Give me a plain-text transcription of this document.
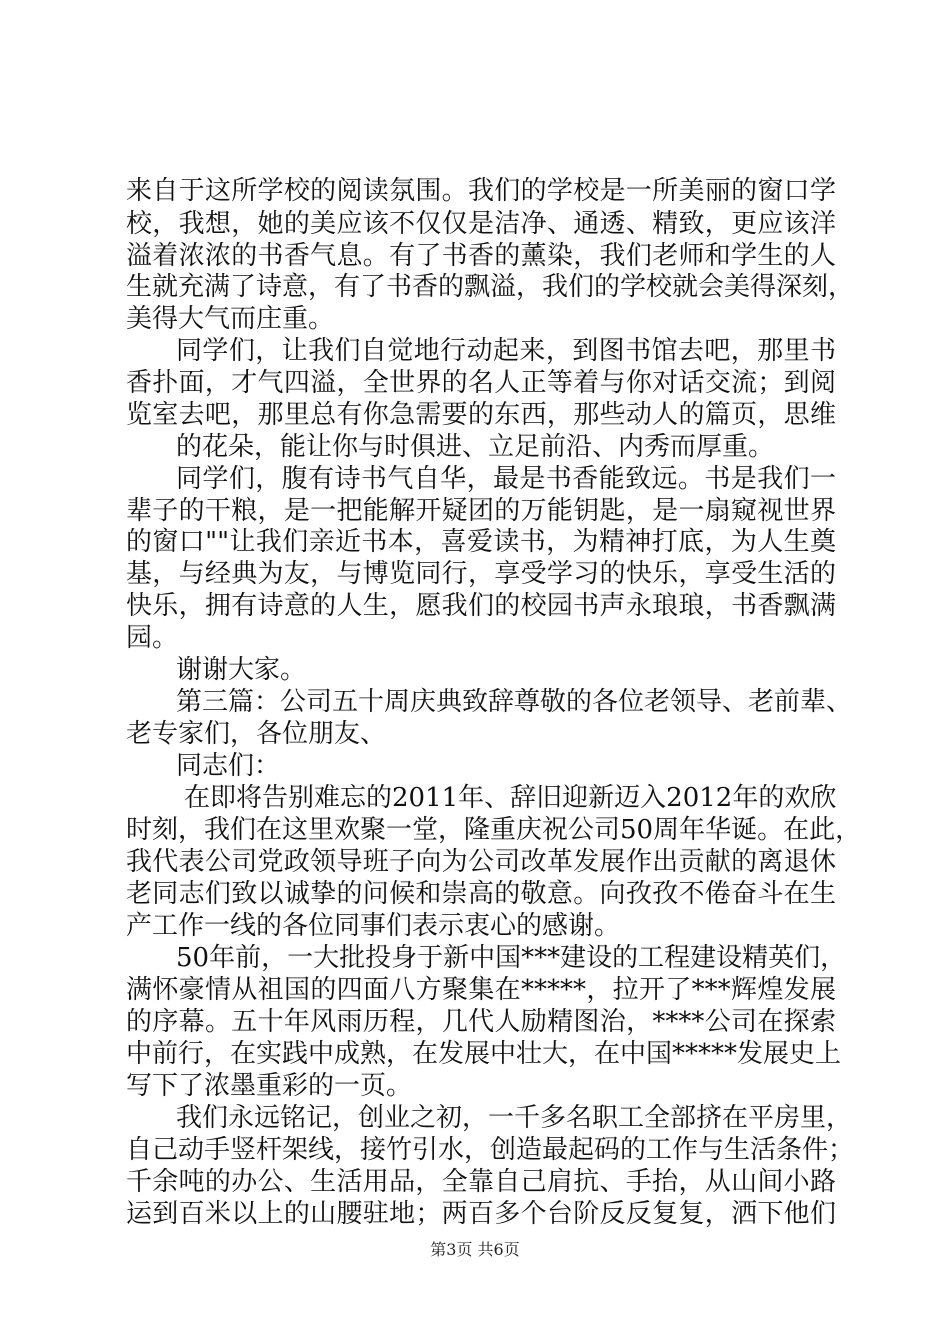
来自于这所学校的阅读氛围。我们的学校是一所美丽的窗口学
校，我想，她的美应该不仅仅是洁净、通透、精致，更应该洋
溢着浓浓的书香气息。有了书香的薰染，我们老师和学生的人
生就充满了诗意，有了书香的飘溢，我们的学校就会美得深刻，
美得大气而庄重。
同学们，让我们自觉地行动起来，到图书馆去吧，那里书
香扑面，才气四溢，全世界的名人正等着与你对话交流；到阅
览室去吧，那里总有你急需要的东西，那些动人的篇页，思维
的花朵，能让你与时俱进、立足前沿、内秀而厚重。
同学们，腹有诗书气自华，最是书香能致远。书是我们一
辈子的干粮，是一把能解开疑团的万能钥匙，是一扇窥视世界
的窗口""让我们亲近书本，喜爱读书，为精神打底，为人生奠
基，与经典为友，与博览同行，享受学习的快乐，享受生活的
快乐，拥有诗意的人生，愿我们的校园书声永琅琅，书香飘满
园。
谢谢大家。
第三篇：公司五十周庆典致辞尊敬的各位老领导、老前辈、
老专家们，各位朋友、
同志们：
在即将告别难忘的2011年、辞旧迎新迈入2012年的欢欣
时刻，我们在这里欢聚一堂，隆重庆祝公司50周年华诞。在此，
我代表公司党政领导班子向为公司改革发展作出贡献的离退休
老同志们致以诚挚的问候和崇高的敬意。向孜孜不倦奋斗在生
产工作一线的各位同事们表示衷心的感谢。
50年前，一大批投身于新中国***建设的工程建设精英们，
满怀豪情从祖国的四面八方聚集在*****，拉开了***辉煌发展
的序幕。五十年风雨历程，几代人励精图治，****公司在探索
中前行，在实践中成熟，在发展中壮大，在中国*****发展史上
写下了浓墨重彩的一页。
我们永远铭记，创业之初，一千多名职工全部挤在平房里，
自己动手竖杆架线，接竹引水，创造最起码的工作与生活条件；
千余吨的办公、生活用品，全靠自己肩抗、手抬，从山间小路
运到百米以上的山腰驻地；两百多个台阶反反复复，洒下他们
第3页 共6页
